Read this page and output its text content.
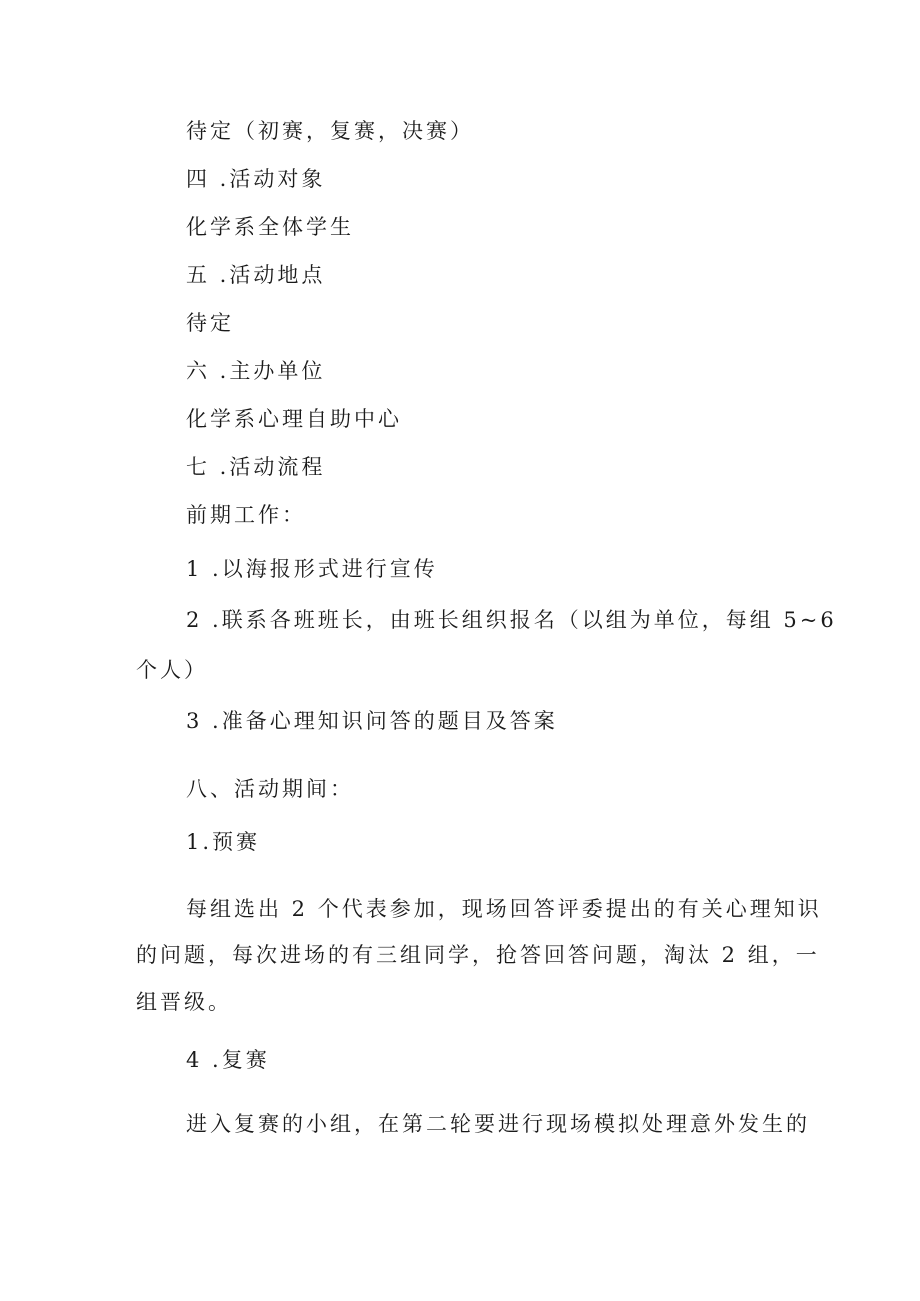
待定（初赛，复赛，决赛）
四 .活动对象
化学系全体学生
五 .活动地点
待定
六 .主办单位
化学系心理自助中心
七 .活动流程
前期工作：
1 .以海报形式进行宣传
2 .联系各班班长，由班长组织报名（以组为单位，每组 5~6
个人）
3 .准备心理知识问答的题目及答案
八、活动期间：
1.预赛
每组选出 2 个代表参加，现场回答评委提出的有关心理知识
的问题，每次进场的有三组同学，抢答回答问题，淘汰 2 组，一
组晋级。
4 .复赛
进入复赛的小组，在第二轮要进行现场模拟处理意外发生的
